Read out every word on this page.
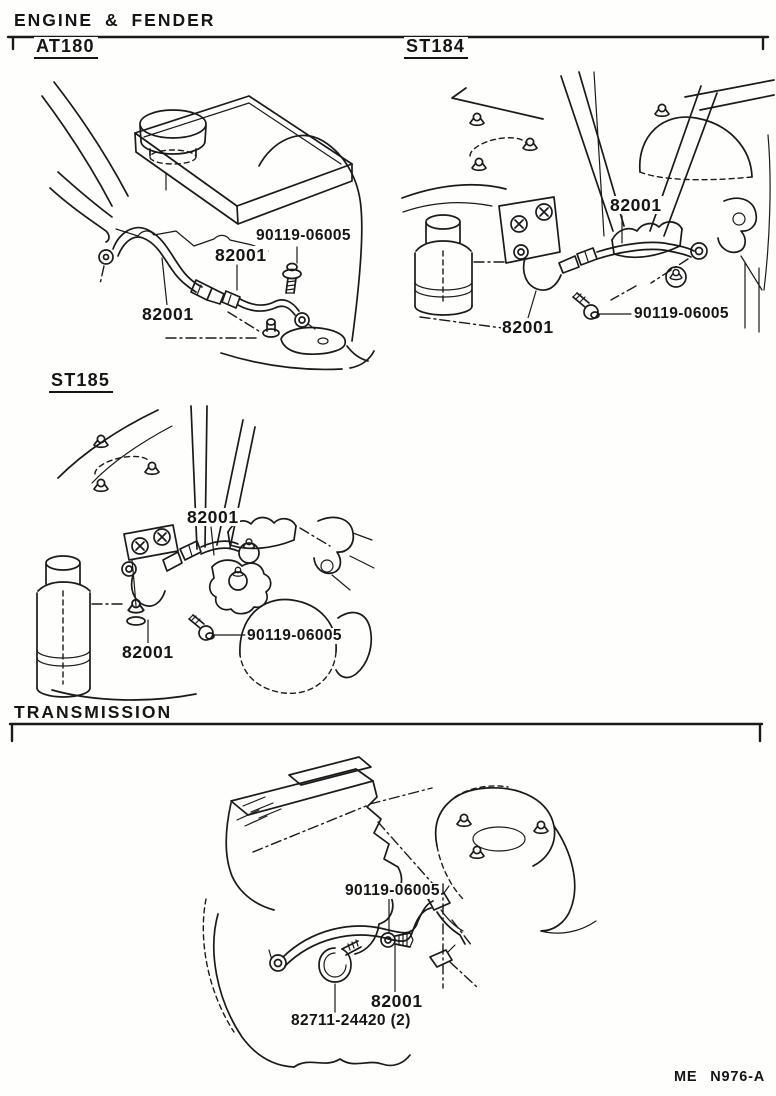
ENGINE & FENDER
AT180	ST184
ST185
TRANSMISSION
90119-06005
82001
82001
82001
90119-06005
82001
82001
90119-06005
82001
90119-06005
82001
82711-24420 (2)
ME N976-A
